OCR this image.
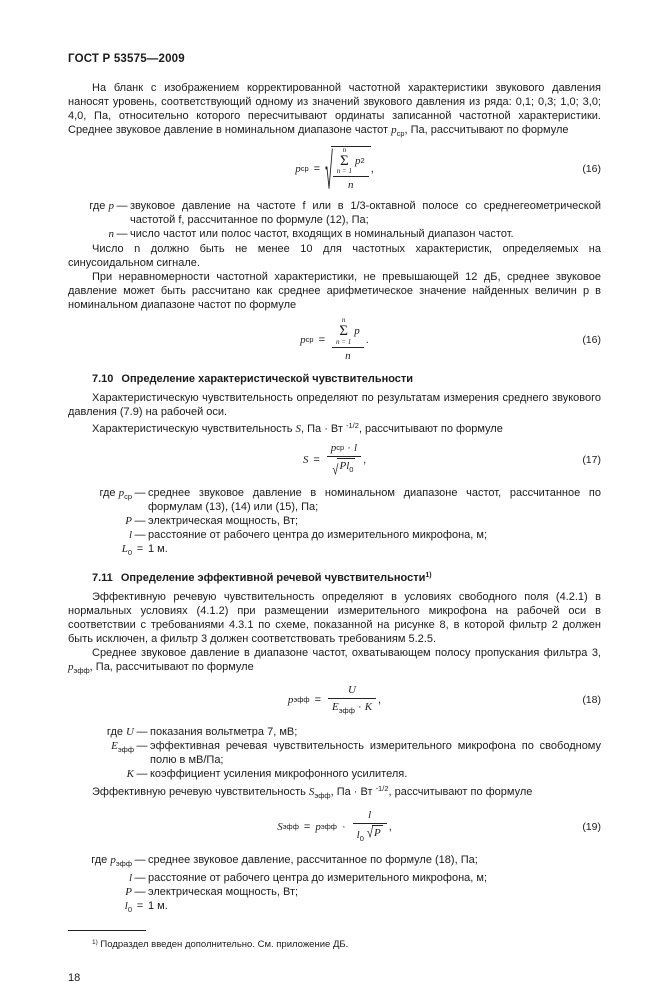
ГОСТ Р 53575—2009

На бланк с изображением корректированной частотной характеристики звукового давления наносят уровень, соответствующий одному из значений звукового давления из ряда: 0,1; 0,3; 1,0; 3,0; 4,0, Па, относительно которого пересчитывают ординаты записанной частотной характеристики. Среднее звуковое давление в номинальном диапазоне частот $p_{ср}$, Па, рассчитывают по формуле

p ср = √ n
Σ
n = 1
p 2
n
,	(16)
где p — звуковое давление на частоте f или в 1/3-октавной полосе со среднегеометрической частотой f, рассчитанное по формуле (12), Па;
n — число частот или полос частот, входящих в номинальный диапазон частот.

Число n должно быть не менее 10 для частотных характеристик, определяемых на синусоидальном сигнале.

При неравномерности частотной характеристики, не превышающей 12 дБ, среднее звуковое давление может быть рассчитано как среднее арифметическое значение найденных величин p в номинальном диапазоне частот по формуле

p ср = n
Σ
n = 1
p
n .	(16)
7.10 Определение характеристической чувствительности

Характеристическую чувствительность определяют по результатам измерения среднего звукового давления (7.9) на рабочей оси.

Характеристическую чувствительность S, Па · Вт $^{-1/2}$, рассчитывают по формуле

S = p ср
·
l
√ $Pl_0$ ,	(17)
где $p_{ср}$ — среднее звуковое давление в номинальном диапазоне частот, рассчитанное по формулам (13), (14) или (15), Па;
P — электрическая мощность, Вт;
l — расстояние от рабочего центра до измерительного микрофона, м;
$L_0 = 1$ м.
7.11 Определение эффективной речевой чувствительности$^{1)}$

Эффективную речевую чувствительность определяют в условиях свободного поля (4.2.1) в нормальных условиях (4.1.2) при размещении измерительного микрофона на рабочей оси в соответствии с требованиями 4.3.1 по схеме, показанной на рисунке 8, в которой фильтр 2 должен быть исключен, а фильтр 3 должен соответствовать требованиям 5.2.5.

Среднее звуковое давление в диапазоне частот, охватывающем полосу пропускания фильтра 3, $p_{эфф}$, Па, рассчитывают по формуле

p эфф = $\frac{U}{E_{эфф} \cdot K}$ ,	(18)
где U — показания вольтметра 7, мВ;
$E_{эфф}$ — эффективная речевая чувствительность измерительного микрофона по свободному полю в мВ/Па;
K — коэффициент усиления микрофонного усилителя.

Эффективную речевую чувствительность $S_{эфф}$, Па · Вт $^{-1/2}$, рассчитывают по формуле

S эфф = p эфф · $\frac{l}{l_0 √ P}$ ,	(19)
где $p_{эфф}$ — среднее звуковое давление, рассчитанное по формуле (18), Па;
l — расстояние от рабочего центра до измерительного микрофона, м;
P — электрическая мощность, Вт;
$l_0 = 1$ м.
$^{1)}$ Подраздел введен дополнительно. См. приложение ДБ.
18
